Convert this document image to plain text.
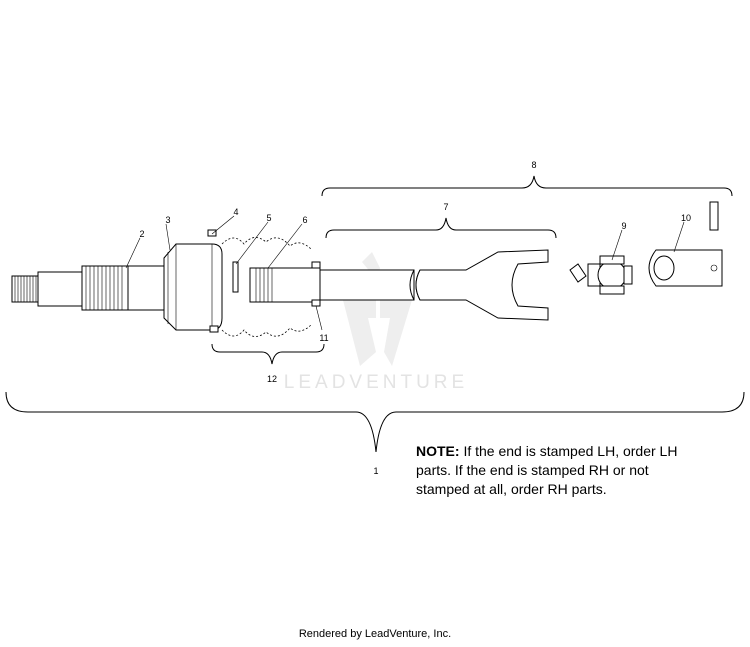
1
2
3
4
5	6
7
8
9
10
11
12 LEADVENTURE
NOTE: If the end is stamped LH, order LH parts. If the end is stamped RH or not stamped at all, order RH parts.
Rendered by LeadVenture, Inc.
